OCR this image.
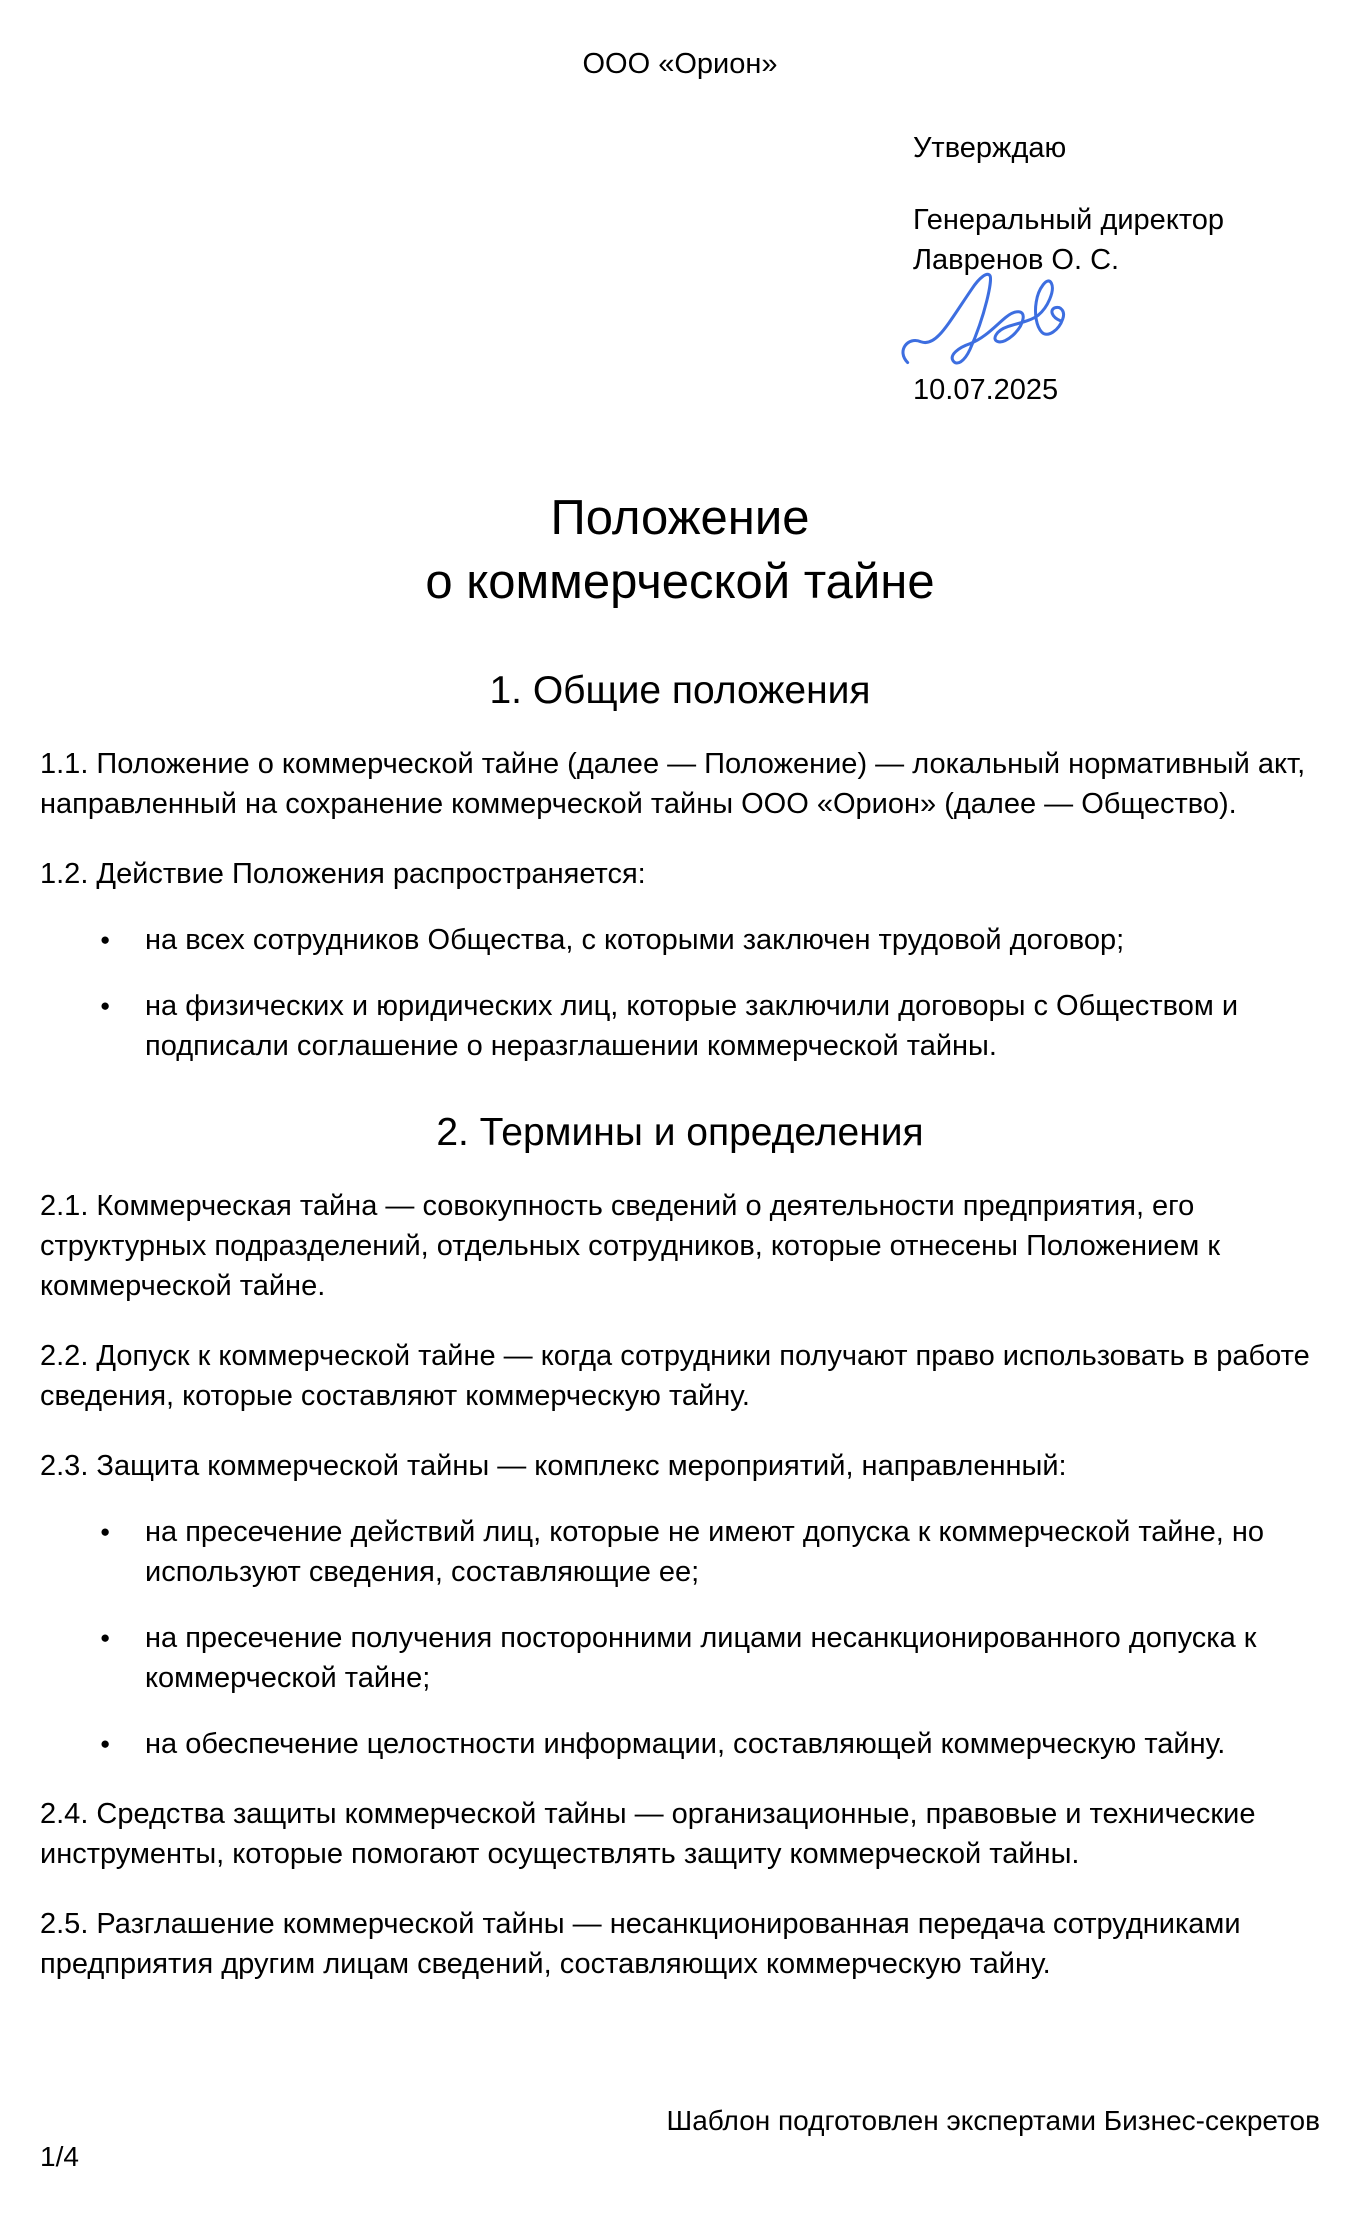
ООО «Орион»
Утверждаю
Генеральный директор
Лавренов О. С.
10.07.2025
Положение
о коммерческой тайне
1. Общие положения

1.1. Положение о коммерческой тайне (далее — Положение) — локальный нормативный акт, направленный на сохранение коммерческой тайны ООО «Орион» (далее — Общество).

1.2. Действие Положения распространяется:

● на всех сотрудников Общества, с которыми заключен трудовой договор;
● на физических и юридических лиц, которые заключили договоры с Обществом и подписали соглашение о неразглашении коммерческой тайны.
2. Термины и определения

2.1. Коммерческая тайна — совокупность сведений о деятельности предприятия, его структурных подразделений, отдельных сотрудников, которые отнесены Положением к коммерческой тайне.

2.2. Допуск к коммерческой тайне — когда сотрудники получают право использовать в работе сведения, которые составляют коммерческую тайну.

2.3. Защита коммерческой тайны — комплекс мероприятий, направленный:

● на пресечение действий лиц, которые не имеют допуска к коммерческой тайне, но используют сведения, составляющие ее;
● на пресечение получения посторонними лицами несанкционированного допуска к коммерческой тайне;
● на обеспечение целостности информации, составляющей коммерческую тайну.

2.4. Средства защиты коммерческой тайны — организационные, правовые и технические инструменты, которые помогают осуществлять защиту коммерческой тайны.

2.5. Разглашение коммерческой тайны — несанкционированная передача сотрудниками предприятия другим лицам сведений, составляющих коммерческую тайну.

Шаблон подготовлен экспертами Бизнес-секретов
1/4
